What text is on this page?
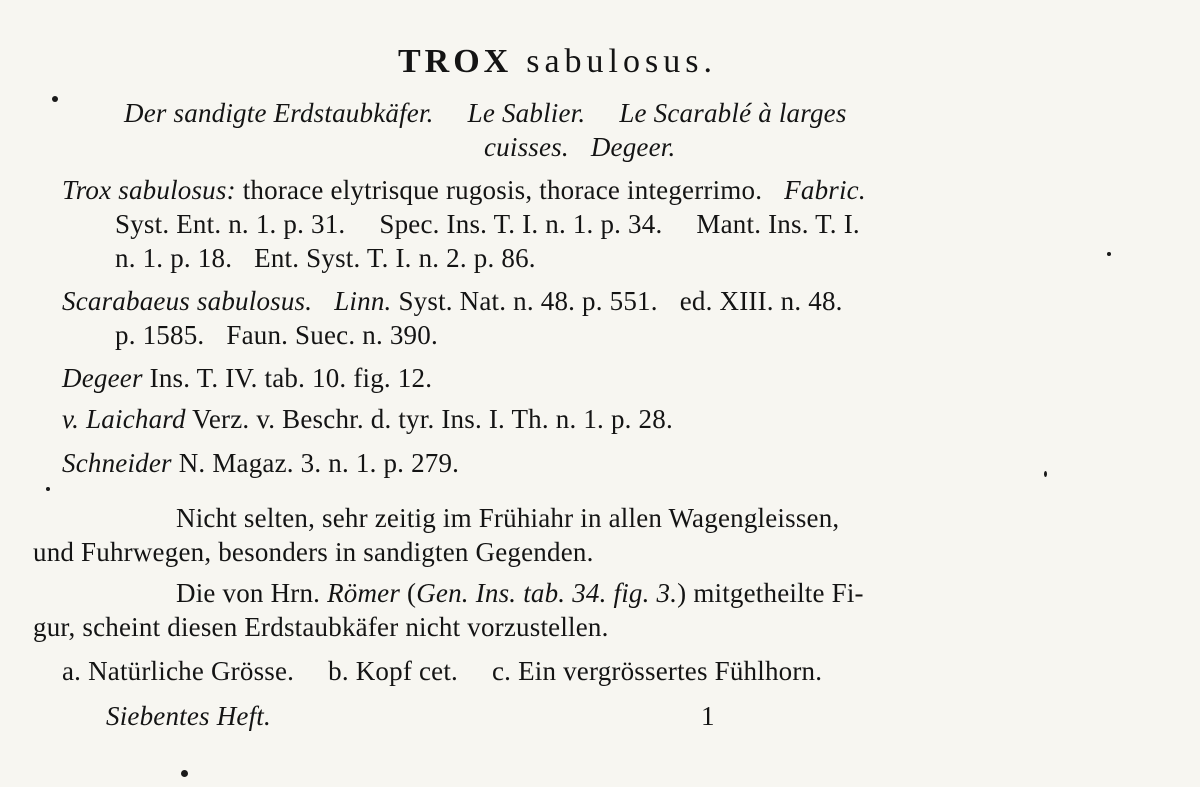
TROX sabulosus.
Der sandigte Erdstaubkäfer. Le Sablier. Le Scarablé à larges
cuisses. Degeer.
Trox sabulosus: thorace elytrisque rugosis, thorace integerrimo. Fabric.
Syst. Ent. n. 1. p. 31. Spec. Ins. T. I. n. 1. p. 34. Mant. Ins. T. I.
n. 1. p. 18. Ent. Syst. T. I. n. 2. p. 86.
Scarabaeus sabulosus. Linn. Syst. Nat. n. 48. p. 551. ed. XIII. n. 48.
p. 1585. Faun. Suec. n. 390.
Degeer Ins. T. IV. tab. 10. fig. 12.
v. Laichard Verz. v. Beschr. d. tyr. Ins. I. Th. n. 1. p. 28.
Schneider N. Magaz. 3. n. 1. p. 279.
Nicht selten, sehr zeitig im Frühiahr in allen Wagengleissen,
und Fuhrwegen, besonders in sandigten Gegenden.
Die von Hrn. Römer (Gen. Ins. tab. 34. fig. 3.) mitgetheilte Fi-
gur, scheint diesen Erdstaubkäfer nicht vorzustellen.
a. Natürliche Grösse. b. Kopf cet. c. Ein vergrössertes Fühlhorn.
Siebentes Heft.	1
